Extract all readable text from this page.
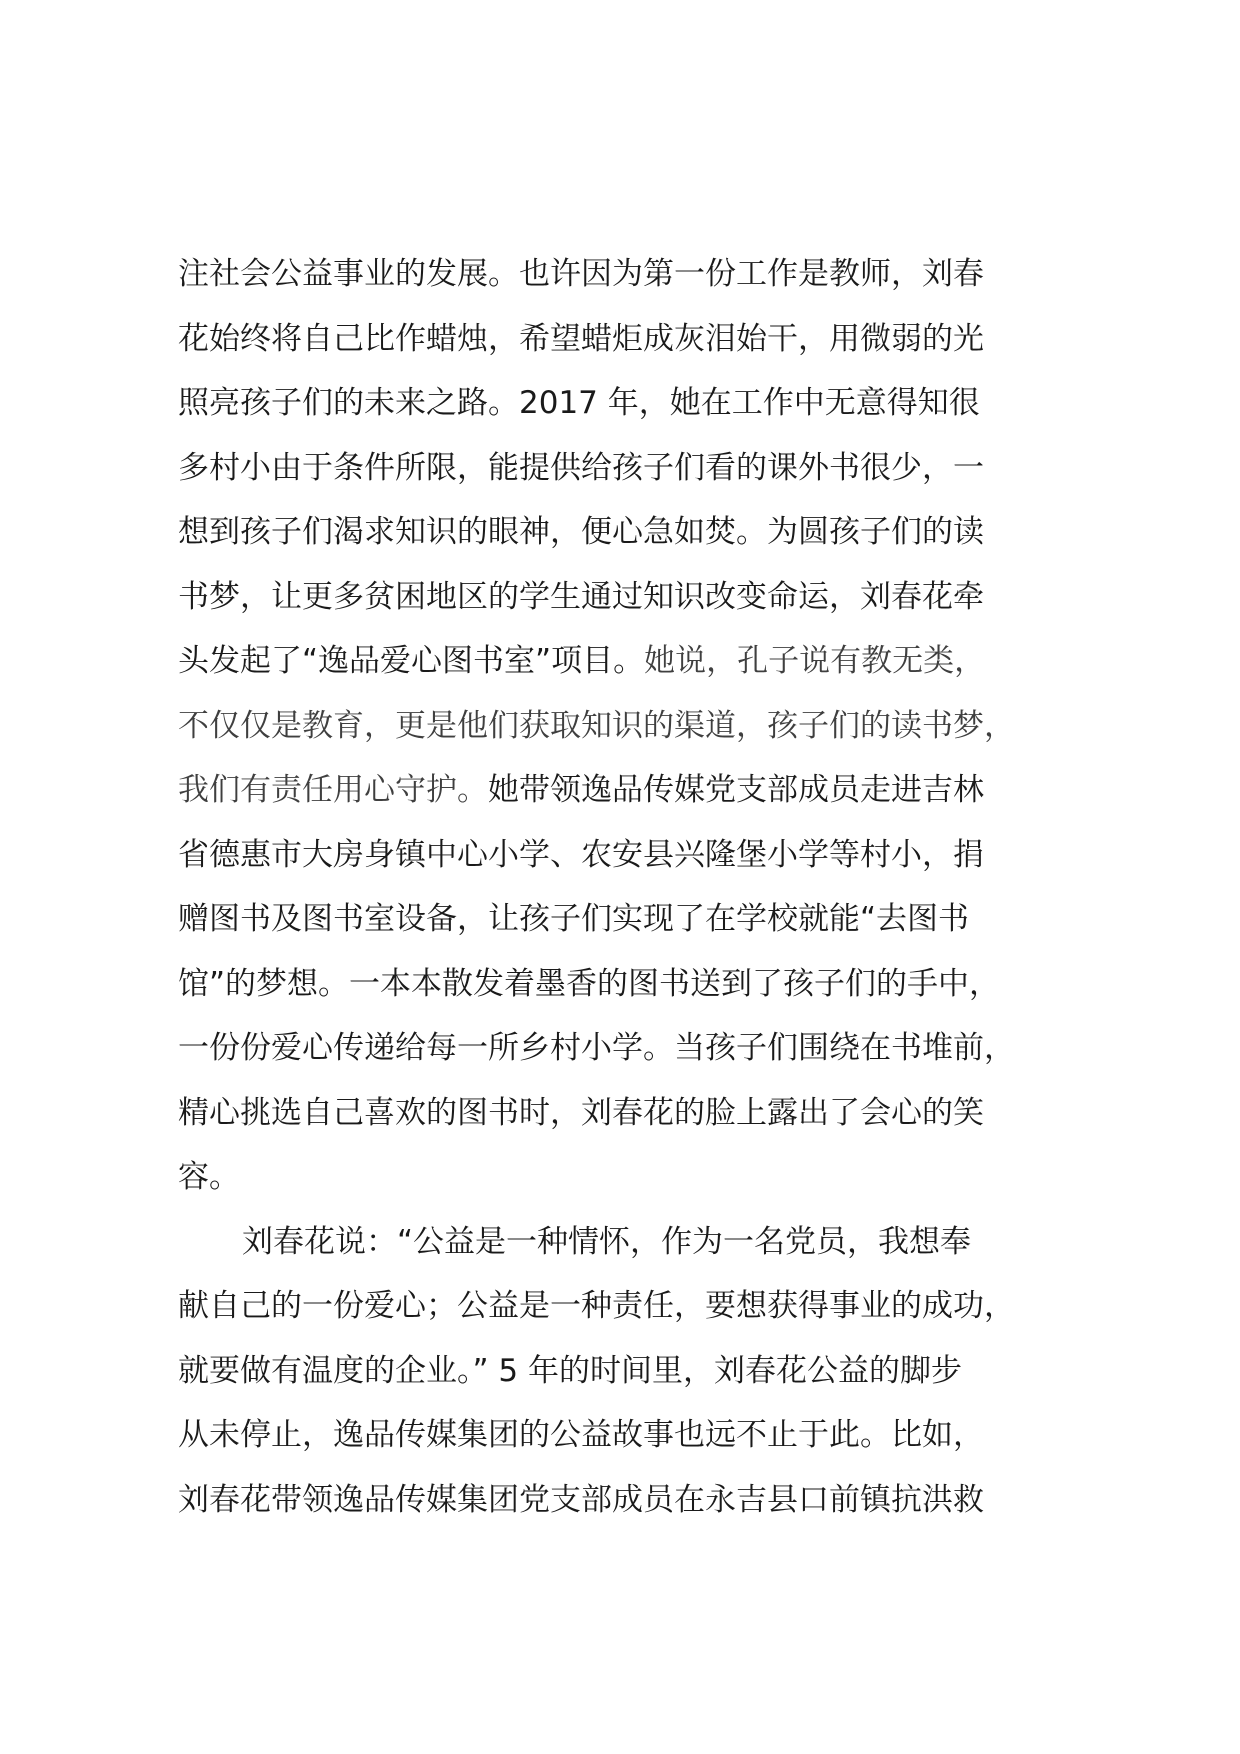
注社会公益事业的发展。也许因为第一份工作是教师，刘春
花始终将自己比作蜡烛，希望蜡炬成灰泪始干，用微弱的光
照亮孩子们的未来之路。2017 年，她在工作中无意得知很
多村小由于条件所限，能提供给孩子们看的课外书很少，一
想到孩子们渴求知识的眼神，便心急如焚。为圆孩子们的读
书梦，让更多贫困地区的学生通过知识改变命运，刘春花牵
头发起了“逸品爱心图书室”项目。她说，孔子说有教无类，
不仅仅是教育，更是他们获取知识的渠道，孩子们的读书梦，
我们有责任用心守护。她带领逸品传媒党支部成员走进吉林
省德惠市大房身镇中心小学、农安县兴隆堡小学等村小，捐
赠图书及图书室设备，让孩子们实现了在学校就能“去图书
馆”的梦想。一本本散发着墨香的图书送到了孩子们的手中，
一份份爱心传递给每一所乡村小学。当孩子们围绕在书堆前，
精心挑选自己喜欢的图书时，刘春花的脸上露出了会心的笑
容。
刘春花说：“公益是一种情怀，作为一名党员，我想奉
献自己的一份爱心；公益是一种责任，要想获得事业的成功，
就要做有温度的企业。” 5 年的时间里，刘春花公益的脚步
从未停止，逸品传媒集团的公益故事也远不止于此。比如，
刘春花带领逸品传媒集团党支部成员在永吉县口前镇抗洪救
